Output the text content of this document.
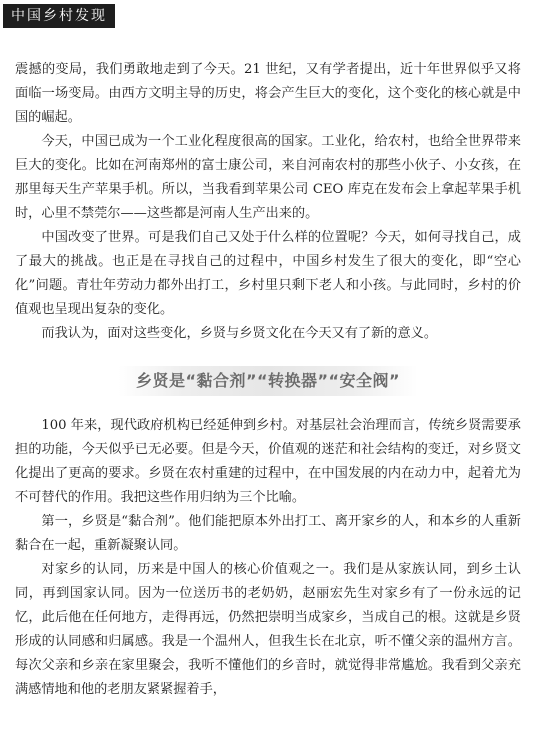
中国乡村发现

震撼的变局，我们勇敢地走到了今天。21 世纪，又有学者提出，近十年世界似乎又将面临一场变局。由西方文明主导的历史，将会产生巨大的变化，这个变化的核心就是中国的崛起。

今天，中国已成为一个工业化程度很高的国家。工业化，给农村，也给全世界带来巨大的变化。比如在河南郑州的富士康公司，来自河南农村的那些小伙子、小女孩，在那里每天生产苹果手机。所以，当我看到苹果公司 CEO 库克在发布会上拿起苹果手机时，心里不禁莞尔——这些都是河南人生产出来的。

中国改变了世界。可是我们自己又处于什么样的位置呢？今天，如何寻找自己，成了最大的挑战。也正是在寻找自己的过程中，中国乡村发生了很大的变化，即“空心化”问题。青壮年劳动力都外出打工，乡村里只剩下老人和小孩。与此同时，乡村的价值观也呈现出复杂的变化。

而我认为，面对这些变化，乡贤与乡贤文化在今天又有了新的意义。

乡贤是“黏合剂”“转换器”“安全阀”

100 年来，现代政府机构已经延伸到乡村。对基层社会治理而言，传统乡贤需要承担的功能，今天似乎已无必要。但是今天，价值观的迷茫和社会结构的变迁，对乡贤文化提出了更高的要求。乡贤在农村重建的过程中，在中国发展的内在动力中，起着尤为不可替代的作用。我把这些作用归纳为三个比喻。

第一，乡贤是“黏合剂”。他们能把原本外出打工、离开家乡的人，和本乡的人重新黏合在一起，重新凝聚认同。

对家乡的认同，历来是中国人的核心价值观之一。我们是从家族认同，到乡土认同，再到国家认同。因为一位送历书的老奶奶，赵丽宏先生对家乡有了一份永远的记忆，此后他在任何地方，走得再远，仍然把崇明当成家乡，当成自己的根。这就是乡贤形成的认同感和归属感。我是一个温州人，但我生长在北京，听不懂父亲的温州方言。每次父亲和乡亲在家里聚会，我听不懂他们的乡音时，就觉得非常尴尬。我看到父亲充满感情地和他的老朋友紧紧握着手，
